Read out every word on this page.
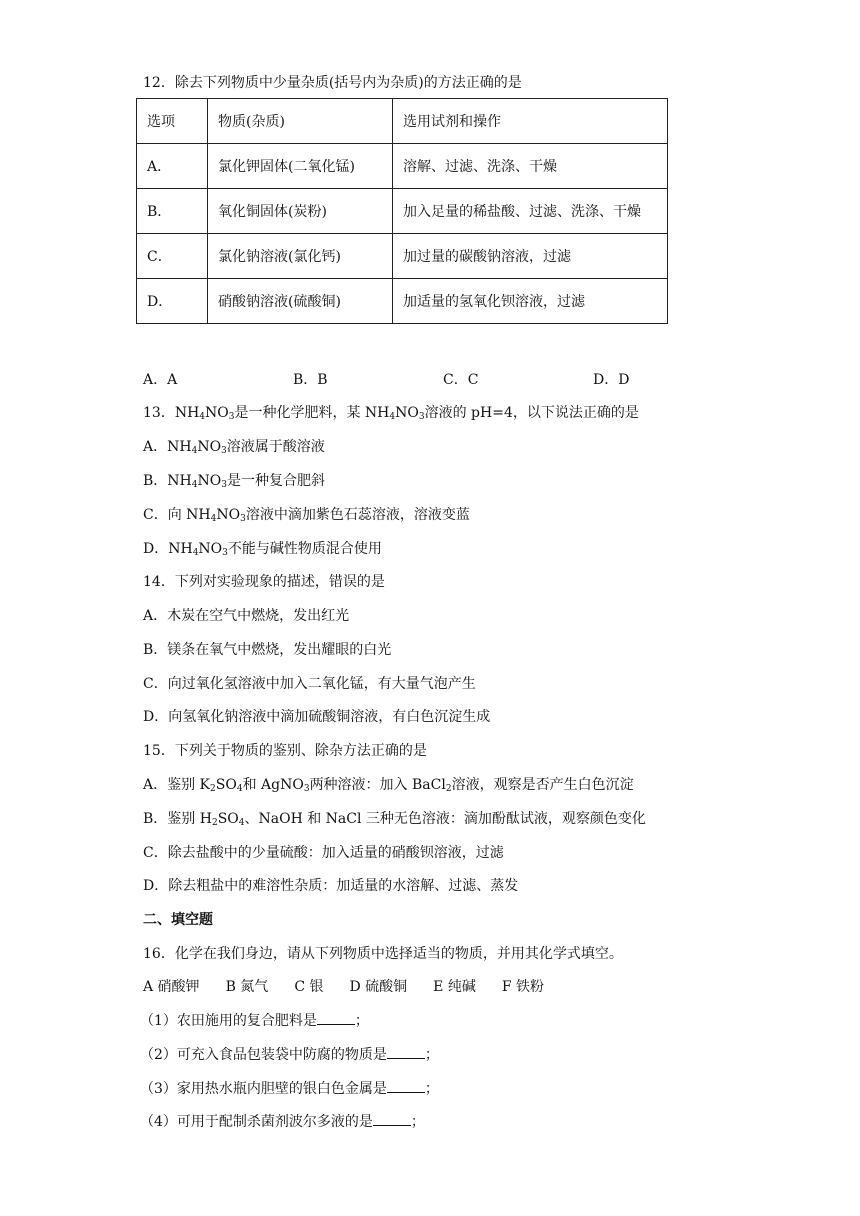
12．除去下列物质中少量杂质(括号内为杂质)的方法正确的是
选项	物质(杂质)	选用试剂和操作
A．	氯化钾固体(二氧化锰)	溶解、过滤、洗涤、干燥
B．	氧化铜固体(炭粉)	加入足量的稀盐酸、过滤、洗涤、干燥
C．	氯化钠溶液(氯化钙)	加过量的碳酸钠溶液，过滤
D．	硝酸钠溶液(硫酸铜)	加适量的氢氧化钡溶液，过滤
A．A	B．B	C．C	D．D
13．$NH_4NO_3$是一种化学肥料，某 $NH_4NO_3$溶液的 pH=4，以下说法正确的是
A．$NH_4NO_3$溶液属于酸溶液
B．$NH_4NO_3$是一种复合肥斜
C．向 $NH_4NO_3$溶液中滴加紫色石蕊溶液，溶液变蓝
D．$NH_4NO_3$不能与碱性物质混合使用
14．下列对实验现象的描述，错误的是
A．木炭在空气中燃烧，发出红光
B．镁条在氧气中燃烧，发出耀眼的白光
C．向过氧化氢溶液中加入二氧化锰，有大量气泡产生
D．向氢氧化钠溶液中滴加硫酸铜溶液，有白色沉淀生成
15．下列关于物质的鉴别、除杂方法正确的是
A．鉴别 $K_2SO_4$和 AgNO$_3$两种溶液：加入 BaCl$_2$溶液，观察是否产生白色沉淀
B．鉴别 $H_2SO_4$、NaOH 和 NaCl 三种无色溶液：滴加酚酞试液，观察颜色变化
C．除去盐酸中的少量硫酸：加入适量的硝酸钡溶液，过滤
D．除去粗盐中的难溶性杂质：加适量的水溶解、过滤、蒸发
二、填空题
16．化学在我们身边，请从下列物质中选择适当的物质，并用其化学式填空。
A 硝酸钾 B 氮气 C 银 D 硫酸铜 E 纯碱 F 铁粉
（1）农田施用的复合肥料是	；
（2）可充入食品包装袋中防腐的物质是	；
（3）家用热水瓶内胆壁的银白色金属是	；
（4）可用于配制杀菌剂波尔多液的是	；
